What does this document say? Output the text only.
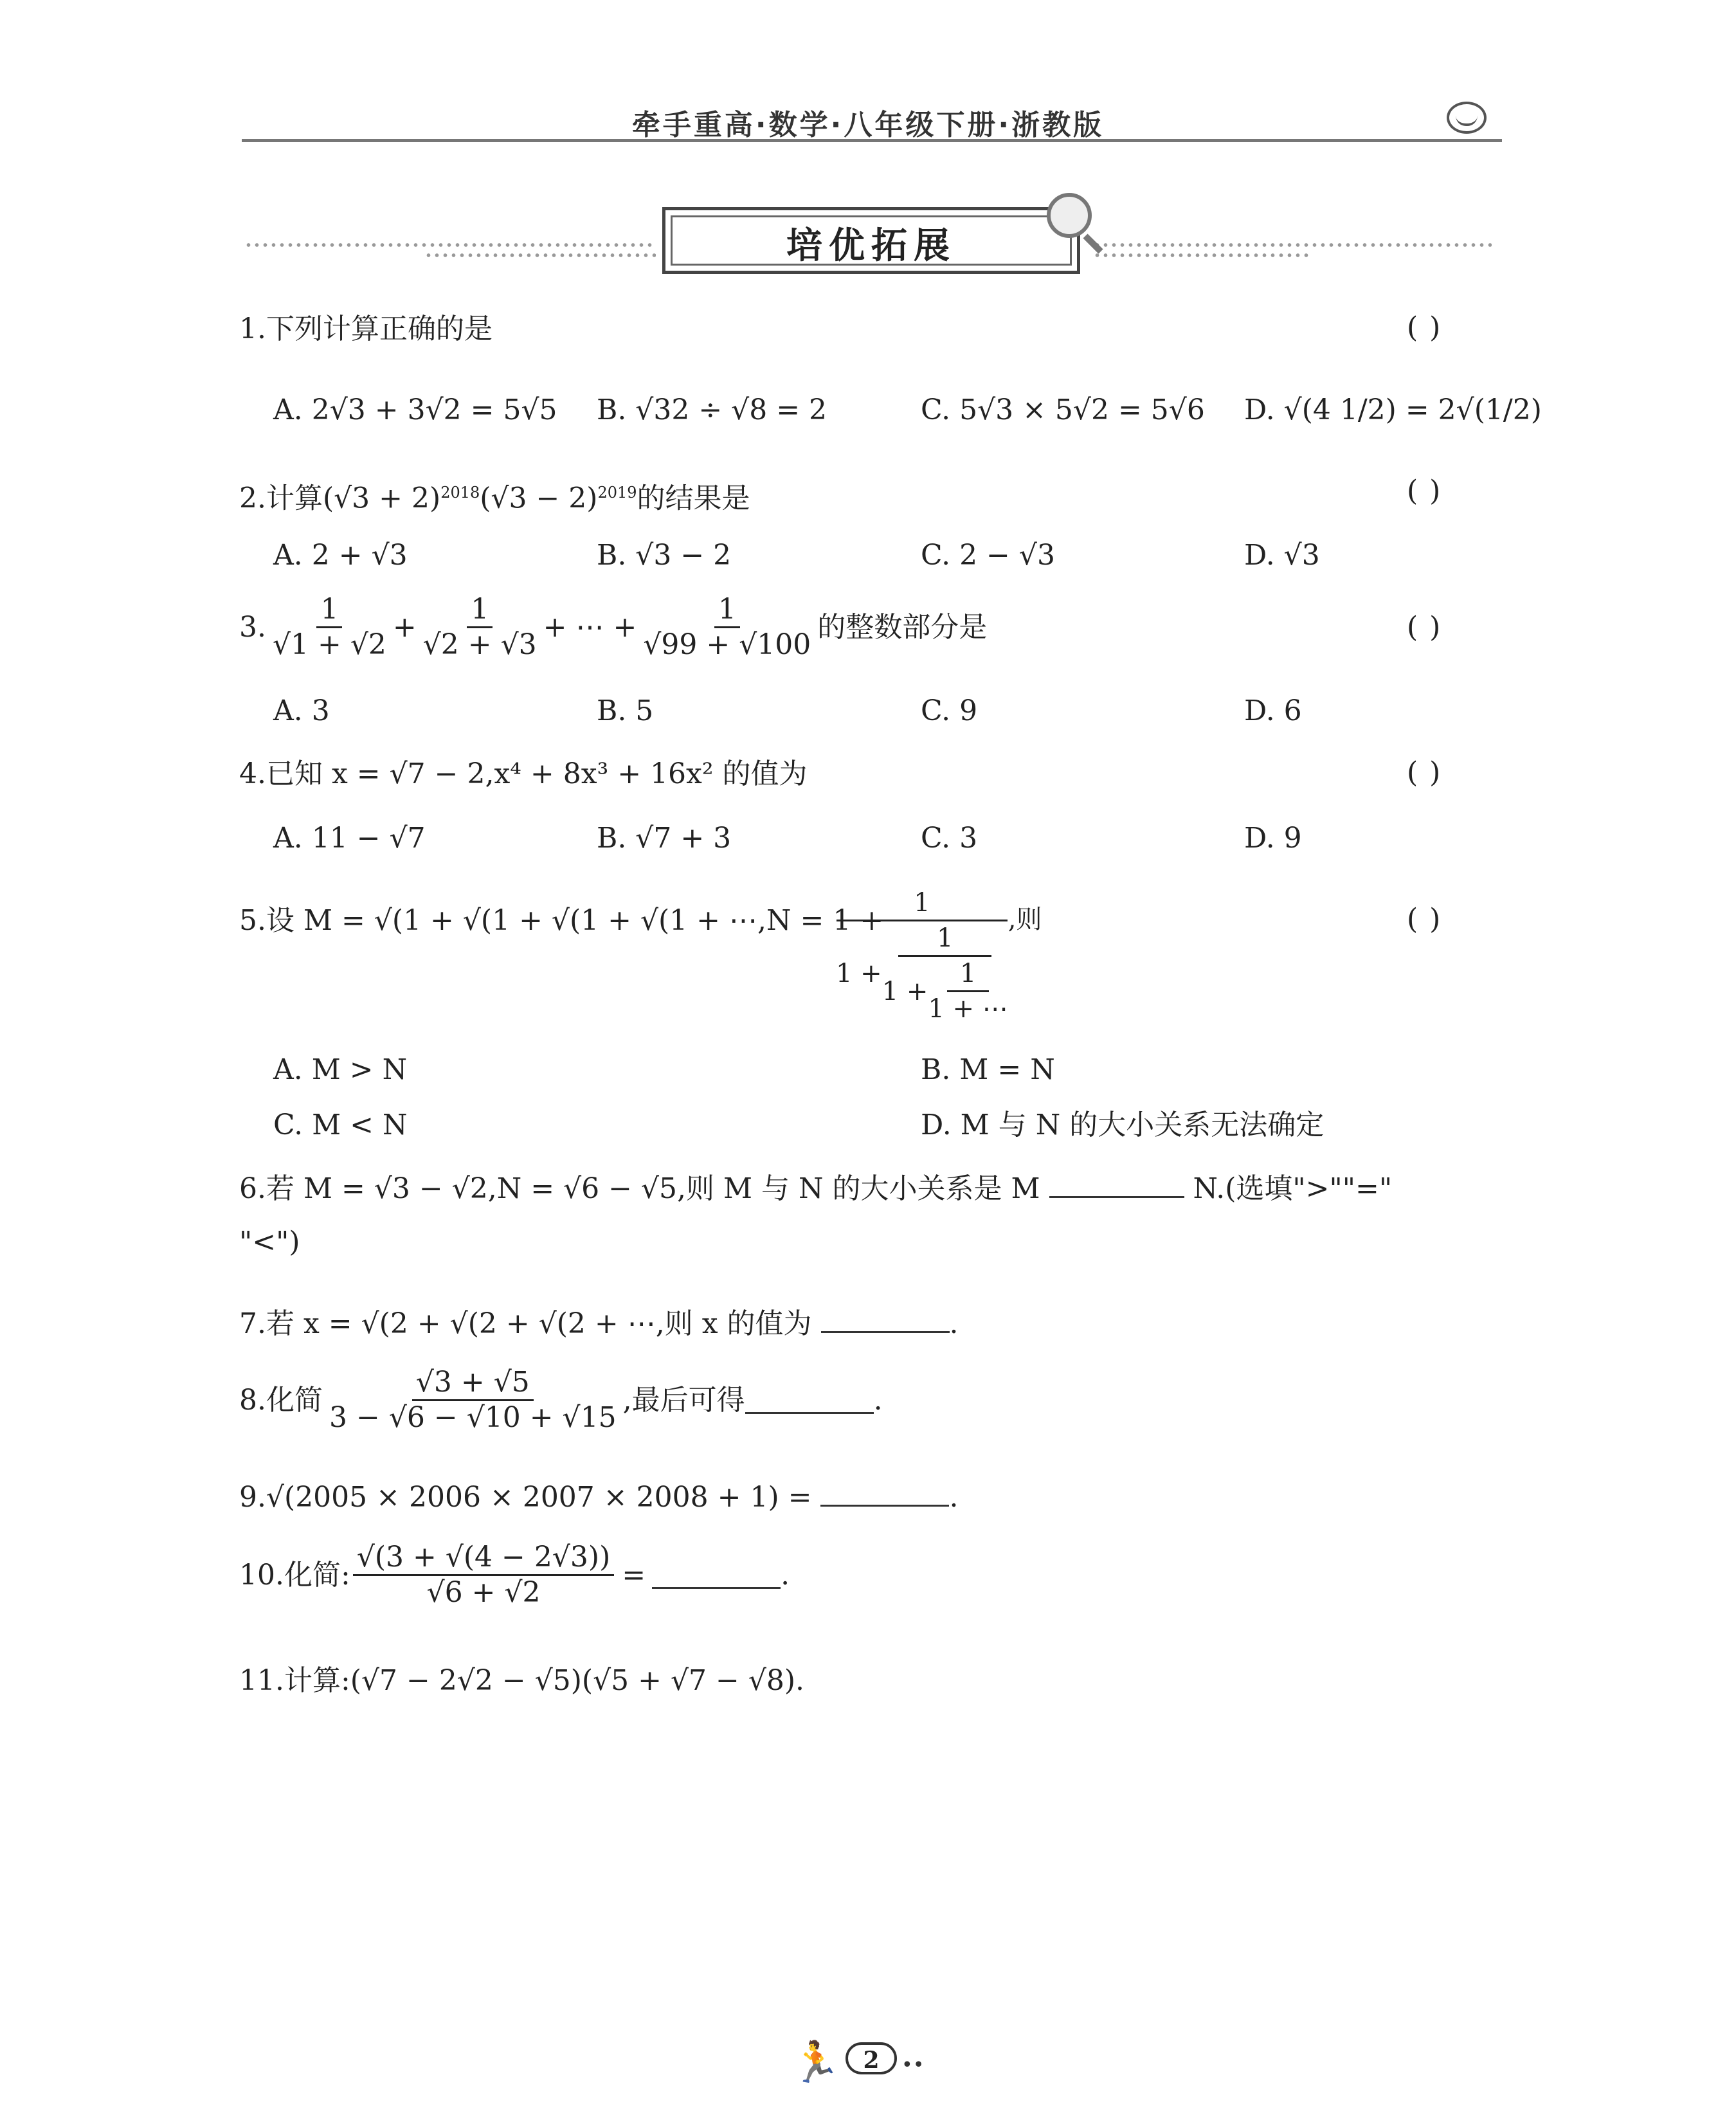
牵手重高·数学·八年级下册·浙教版
培优拓展
1.下列计算正确的是	( )
A. 2√3 + 3√2 = 5√5 B. √32 ÷ √8 = 2	C. 5√3 × 5√2 = 5√6 D. √(4 1/2) = 2√(1/2)
2.计算$(√3 + 2)^{2018}(√3 - 2)^{2019}$的结果是	( )
A. 2 + √3	B. √3 − 2	C. 2 − √3	D. √3
3. $\frac{1}{√1 + √2} + \frac{1}{√2 + √3}$ + ⋯ + $\frac{1}{√99 + √100}$ 的整数部分是	( )
A. 3	B. 5	C. 9	D. 6
4.已知 x = √7 − 2,x⁴ + 8x³ + 16x² 的值为	( )
A. 11 − √7	B. √7 + 3	C. 3	D. 9
5.设 M = √(1 + √(1 + √(1 + √(1 + ⋯,N = 1 +
1
$1 + \frac{1}{1 + \frac{1}{1 + \cdots}}$
,则	( )
A. M > N	B. M = N
C. M < N	D. M 与 N 的大小关系无法确定
6.若 M = √3 − √2,N = √6 − √5,则 M 与 N 的大小关系是 M	N.(选填">""="
"<")
7.若 x = √(2 + √(2 + √(2 + ⋯,则 x 的值为	.
8. 化简 $\frac{√3 + √5}{3 - √6 - √10 + √15}$ ,最后可得	.
9.√(2005 × 2006 × 2007 × 2008 + 1) =	.
10. 化简: $\frac{√(3 + √(4 - 2√3))}{√6 + √2}$ =	.
11.计算:(√7 − 2√2 − √5)(√5 + √7 − √8).
🏃 2	••
